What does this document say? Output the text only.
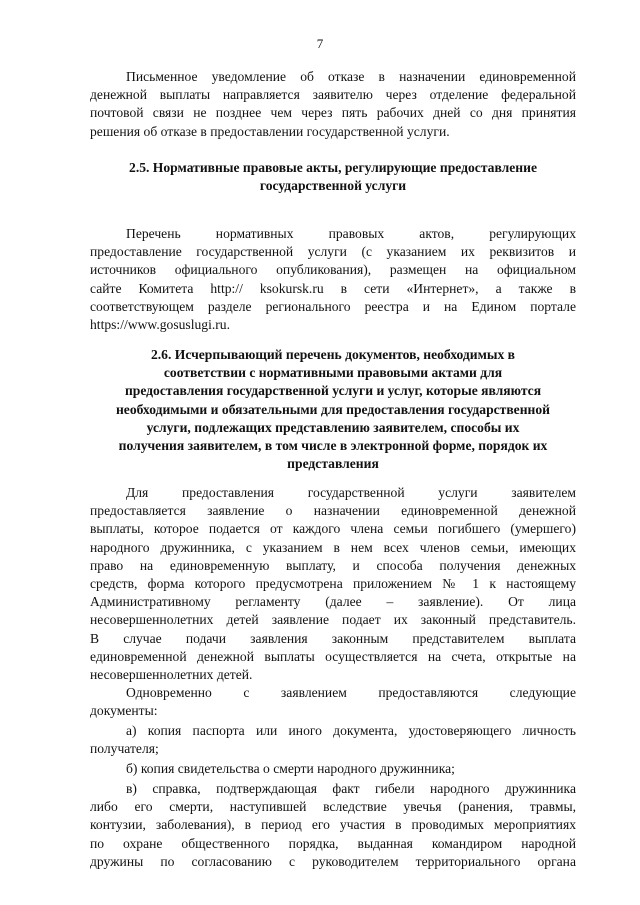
7
Письменное уведомление об отказе в назначении единовременной
денежной выплаты направляется заявителю через отделение федеральной
почтовой связи не позднее чем через пять рабочих дней со дня принятия
решения об отказе в предоставлении государственной услуги.
2.5. Нормативные правовые акты, регулирующие предоставление
государственной услуги
Перечень нормативных правовых актов, регулирующих
предоставление государственной услуги (с указанием их реквизитов и
источников официального опубликования), размещен на официальном
сайте Комитета http:// ksokursk.ru в сети «Интернет», а также в
соответствующем разделе регионального реестра и на Едином портале
https://www.gosuslugi.ru.
2.6. Исчерпывающий перечень документов, необходимых в
соответствии с нормативными правовыми актами для
предоставления государственной услуги и услуг, которые являются
необходимыми и обязательными для предоставления государственной
услуги, подлежащих представлению заявителем, способы их
получения заявителем, в том числе в электронной форме, порядок их
представления
Для предоставления государственной услуги заявителем
предоставляется заявление о назначении единовременной денежной
выплаты, которое подается от каждого члена семьи погибшего (умершего)
народного дружинника, с указанием в нем всех членов семьи, имеющих
право на единовременную выплату, и способа получения денежных
средств, форма которого предусмотрена приложением № 1 к настоящему
Административному регламенту (далее – заявление). От лица
несовершеннолетних детей заявление подает их законный представитель.
В случае подачи заявления законным представителем выплата
единовременной денежной выплаты осуществляется на счета, открытые на
несовершеннолетних детей.
Одновременно с заявлением предоставляются следующие
документы:
а) копия паспорта или иного документа, удостоверяющего личность
получателя;
б) копия свидетельства о смерти народного дружинника;
в) справка, подтверждающая факт гибели народного дружинника
либо его смерти, наступившей вследствие увечья (ранения, травмы,
контузии, заболевания), в период его участия в проводимых мероприятиях
по охране общественного порядка, выданная командиром народной
дружины по согласованию с руководителем территориального органа
